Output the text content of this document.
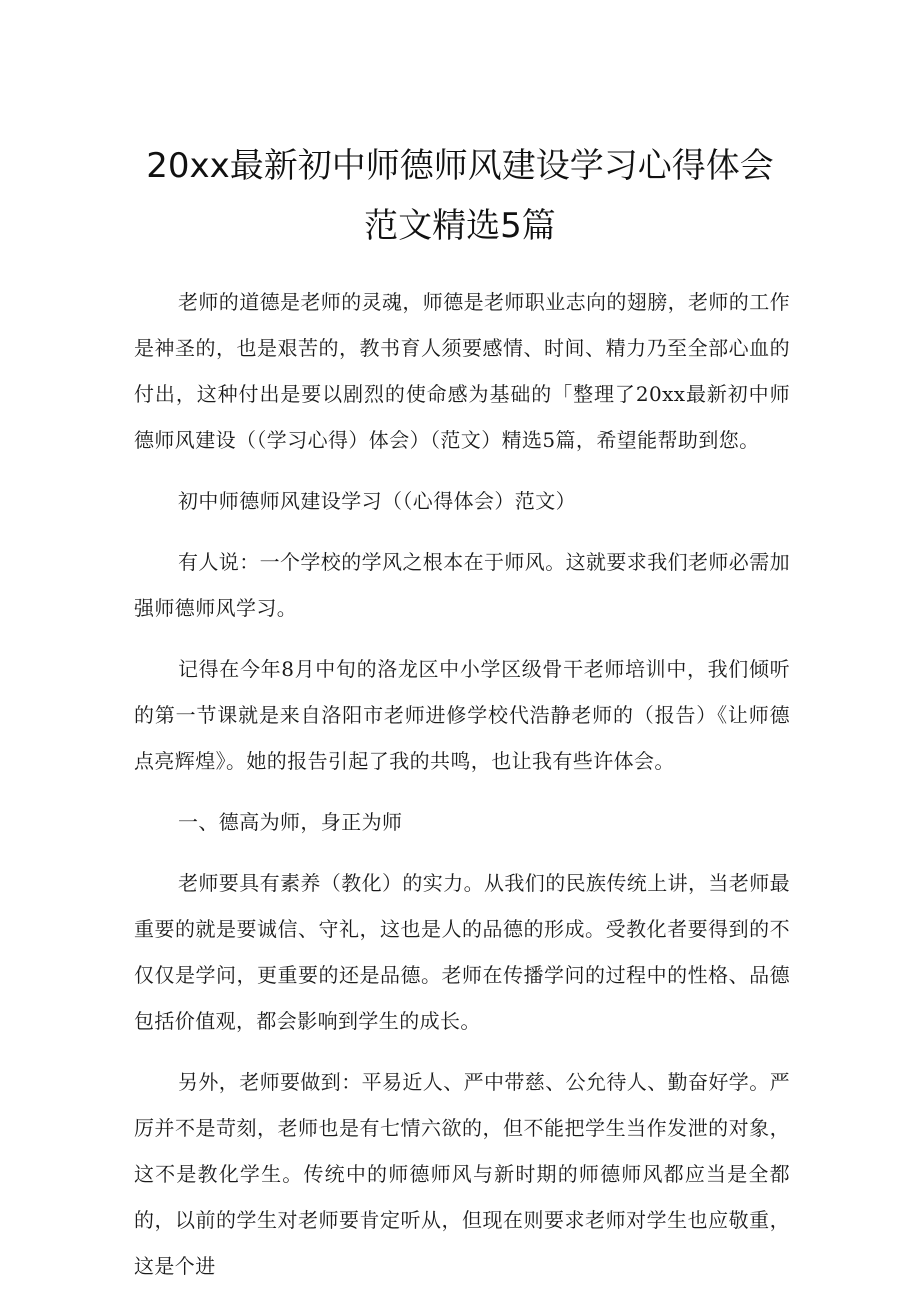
20xx最新初中师德师风建设学习心得体会
范文精选5篇

老师的道德是老师的灵魂，师德是老师职业志向的翅膀，老师的工作是神圣的，也是艰苦的，教书育人须要感情、时间、精力乃至全部心血的付出，这种付出是要以剧烈的使命感为基础的「整理了20xx最新初中师德师风建设（（学习心得）体会）（范文）精选5篇，希望能帮助到您。

初中师德师风建设学习（（心得体会）范文）

有人说：一个学校的学风之根本在于师风。这就要求我们老师必需加强师德师风学习。

记得在今年8月中旬的洛龙区中小学区级骨干老师培训中，我们倾听的第一节课就是来自洛阳市老师进修学校代浩静老师的（报告）《让师德点亮辉煌》。她的报告引起了我的共鸣，也让我有些许体会。

一、德高为师，身正为师

老师要具有素养（教化）的实力。从我们的民族传统上讲，当老师最重要的就是要诚信、守礼，这也是人的品德的形成。受教化者要得到的不仅仅是学问，更重要的还是品德。老师在传播学问的过程中的性格、品德包括价值观，都会影响到学生的成长。

另外，老师要做到：平易近人、严中带慈、公允待人、勤奋好学。严厉并不是苛刻，老师也是有七情六欲的，但不能把学生当作发泄的对象，这不是教化学生。传统中的师德师风与新时期的师德师风都应当是全都的，以前的学生对老师要肯定听从，但现在则要求老师对学生也应敬重，这是个进
